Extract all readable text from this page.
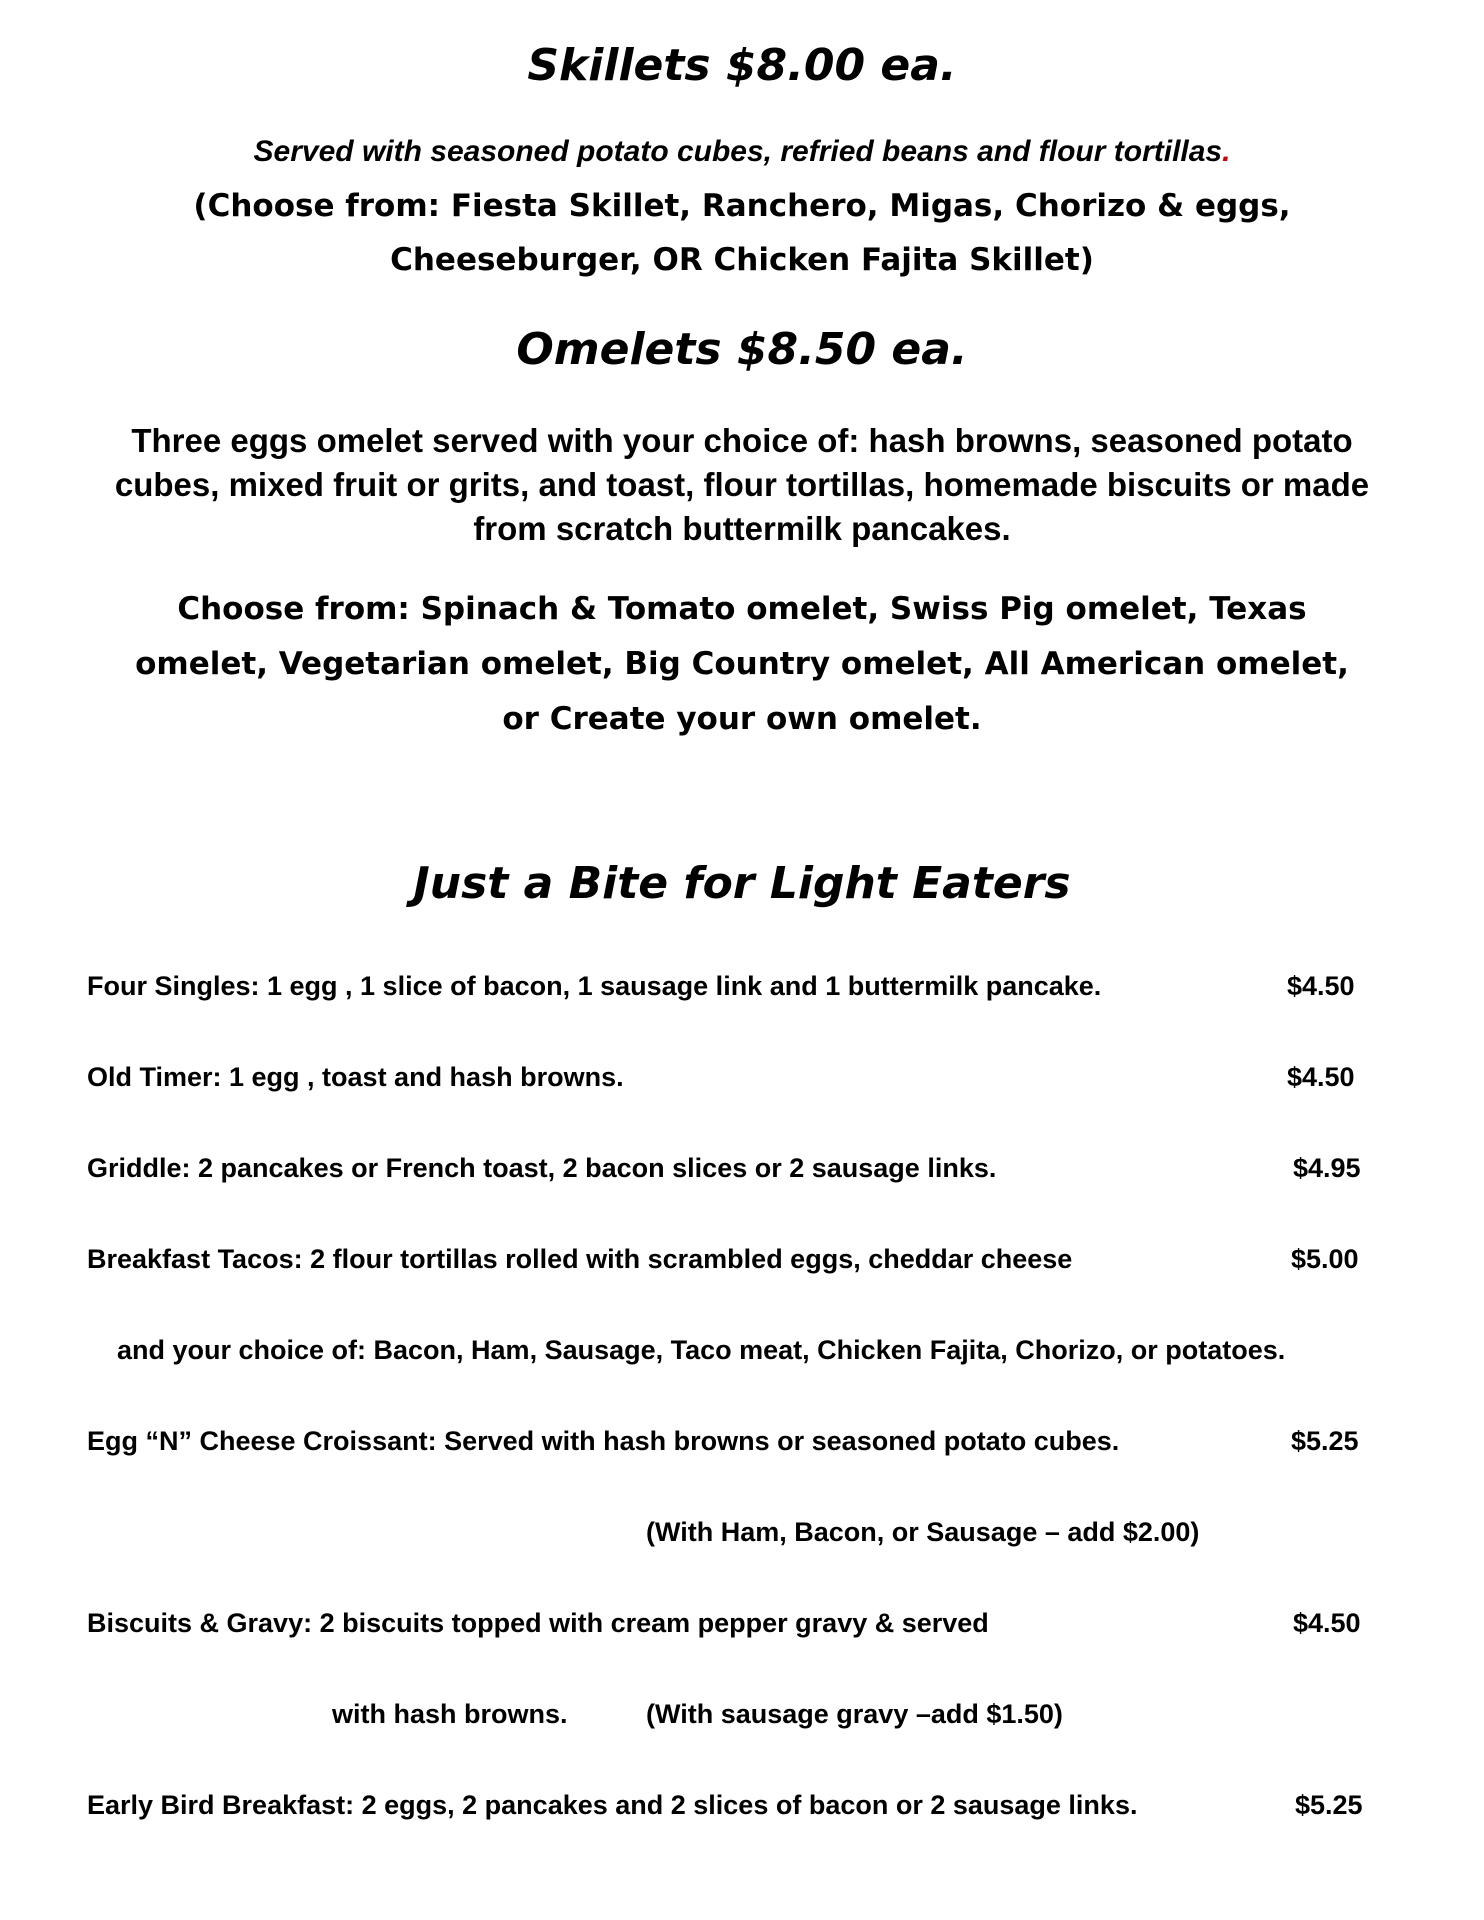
Skillets $8.00 ea.

Served with seasoned potato cubes, refried beans and flour tortillas.

(Choose from: Fiesta Skillet, Ranchero, Migas, Chorizo & eggs,

Cheeseburger, OR Chicken Fajita Skillet)

Omelets $8.50 ea.

Three eggs omelet served with your choice of: hash browns, seasoned potato

cubes, mixed fruit or grits, and toast, flour tortillas, homemade biscuits or made

from scratch buttermilk pancakes.

Choose from: Spinach & Tomato omelet, Swiss Pig omelet, Texas

omelet, Vegetarian omelet, Big Country omelet, All American omelet,

or Create your own omelet.

Just a Bite for Light Eaters
Four Singles: 1 egg , 1 slice of bacon, 1 sausage link and 1 buttermilk pancake.	$4.50
Old Timer: 1 egg , toast and hash browns.	$4.50
Griddle: 2 pancakes or French toast, 2 bacon slices or 2 sausage links.	$4.95
Breakfast Tacos: 2 flour tortillas rolled with scrambled eggs, cheddar cheese	$5.00
and your choice of: Bacon, Ham, Sausage, Taco meat, Chicken Fajita, Chorizo, or potatoes.
Egg “N” Cheese Croissant: Served with hash browns or seasoned potato cubes.	$5.25
(With Ham, Bacon, or Sausage – add $2.00)
Biscuits & Gravy: 2 biscuits topped with cream pepper gravy & served	$4.50
with hash browns.	(With sausage gravy –add $1.50)
Early Bird Breakfast: 2 eggs, 2 pancakes and 2 slices of bacon or 2 sausage links.	$5.25
